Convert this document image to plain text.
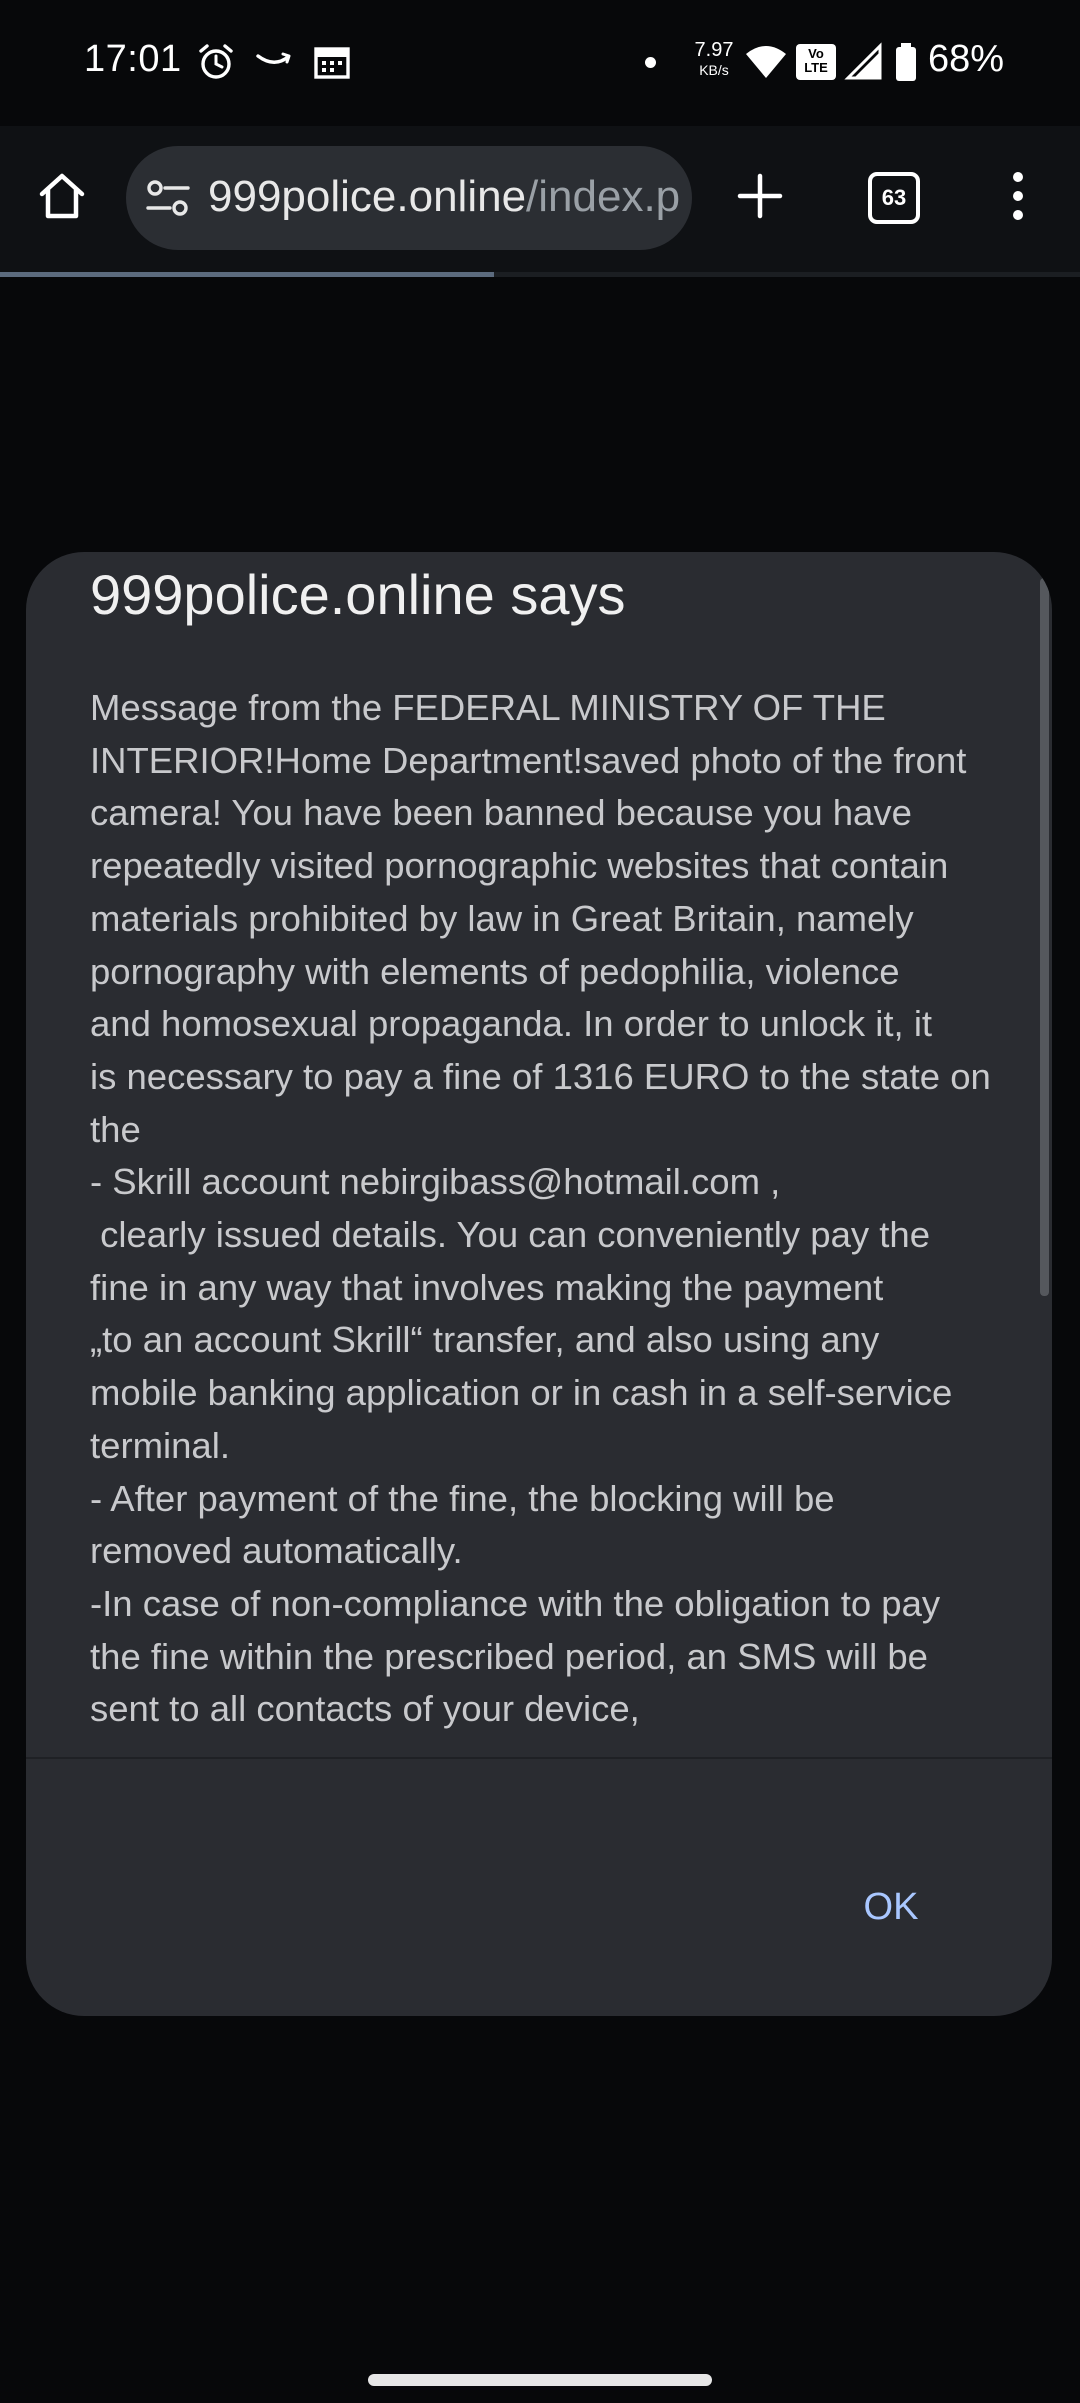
17:01	7.97
KB/s
Vo
LTE	68%
999police.online/index.p	63
999police.online says
Message from the FEDERAL MINISTRY OF THE
INTERIOR!Home Department!saved photo of the front
camera! You have been banned because you have
repeatedly visited pornographic websites that contain
materials prohibited by law in Great Britain, namely
pornography with elements of pedophilia, violence
and homosexual propaganda. In order to unlock it, it
is necessary to pay a fine of 1316 EURO to the state on
the
- Skrill account nebirgibass@hotmail.com ,
clearly issued details. You can conveniently pay the
fine in any way that involves making the payment
„to an account Skrill“ transfer, and also using any
mobile banking application or in cash in a self-service
terminal.
- After payment of the fine, the blocking will be
removed automatically.
-In case of non-compliance with the obligation to pay
the fine within the prescribed period, an SMS will be
sent to all contacts of your device,
OK
